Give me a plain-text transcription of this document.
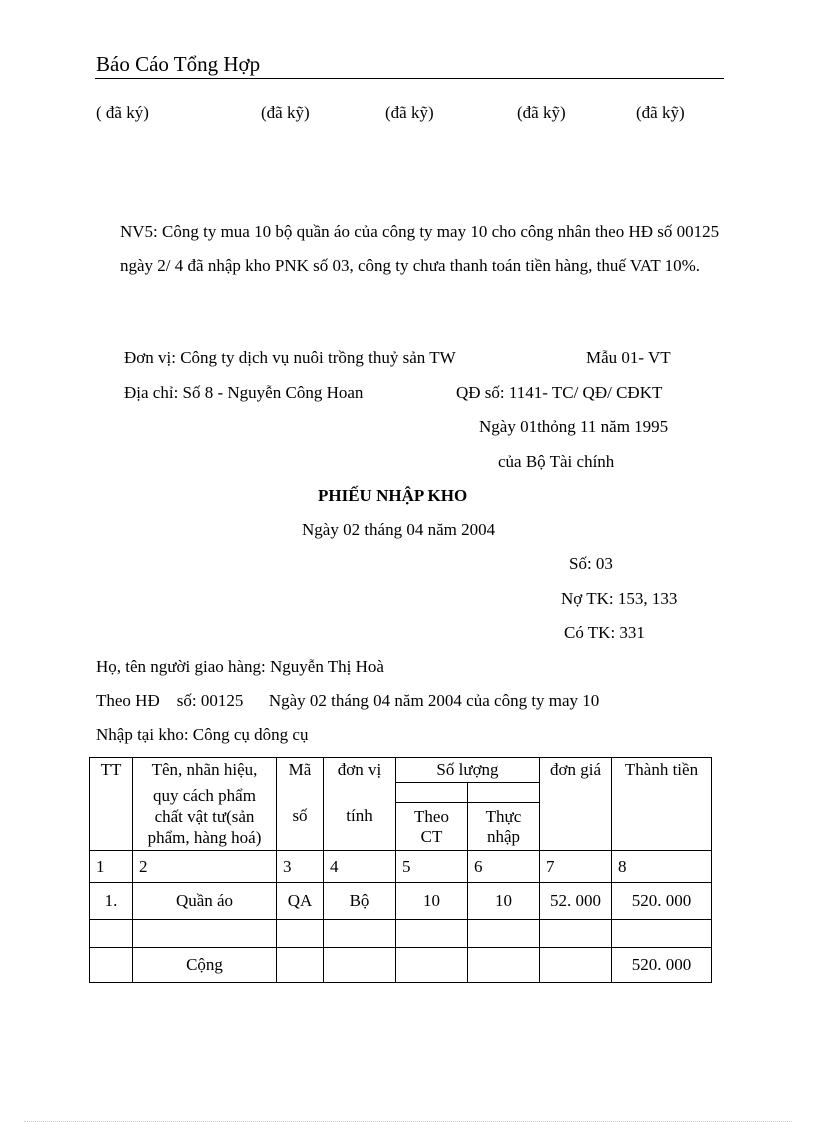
Báo Cáo Tổng Hợp
( đã ký)	(đã kỹ)	(đã kỹ)	(đã kỹ)	(đã kỹ)
NV5: Công ty mua 10 bộ quần áo của công ty may 10 cho công nhân theo HĐ số 00125 ngày 2/ 4 đã nhập kho PNK số 03, công ty chưa thanh toán tiền hàng, thuế VAT 10%.
Đơn vị: Công ty dịch vụ nuôi trồng thuỷ sản TW	Mẫu 01- VT
Địa chỉ: Số 8 - Nguyễn Công Hoan	QĐ số: 1141- TC/ QĐ/ CĐKT
Ngày 01thỏng 11 năm 1995
của Bộ Tài chính
PHIẾU NHẬP KHO
Ngày 02 tháng 04 năm 2004
Số: 03
Nợ TK: 153, 133
Có TK: 331
Họ, tên người giao hàng: Nguyễn Thị Hoà
Theo HĐ    số: 00125      Ngày 02 tháng 04 năm 2004 của công ty may 10
Nhập tại kho: Công cụ dông cụ
TT	Tên, nhãn hiệu,	Mã	đơn vị	Số lượng		đơn giá	Thành tiền
	quy cách phẩm chất vật tư(sản phẩm, hàng hoá)	số	tính				
				Theo CT	Thực nhập		
1	2	3	4	5	6	7	8
1.	Quần áo	QA	Bộ	10	10	52. 000	520. 000

	Cộng						520. 000
